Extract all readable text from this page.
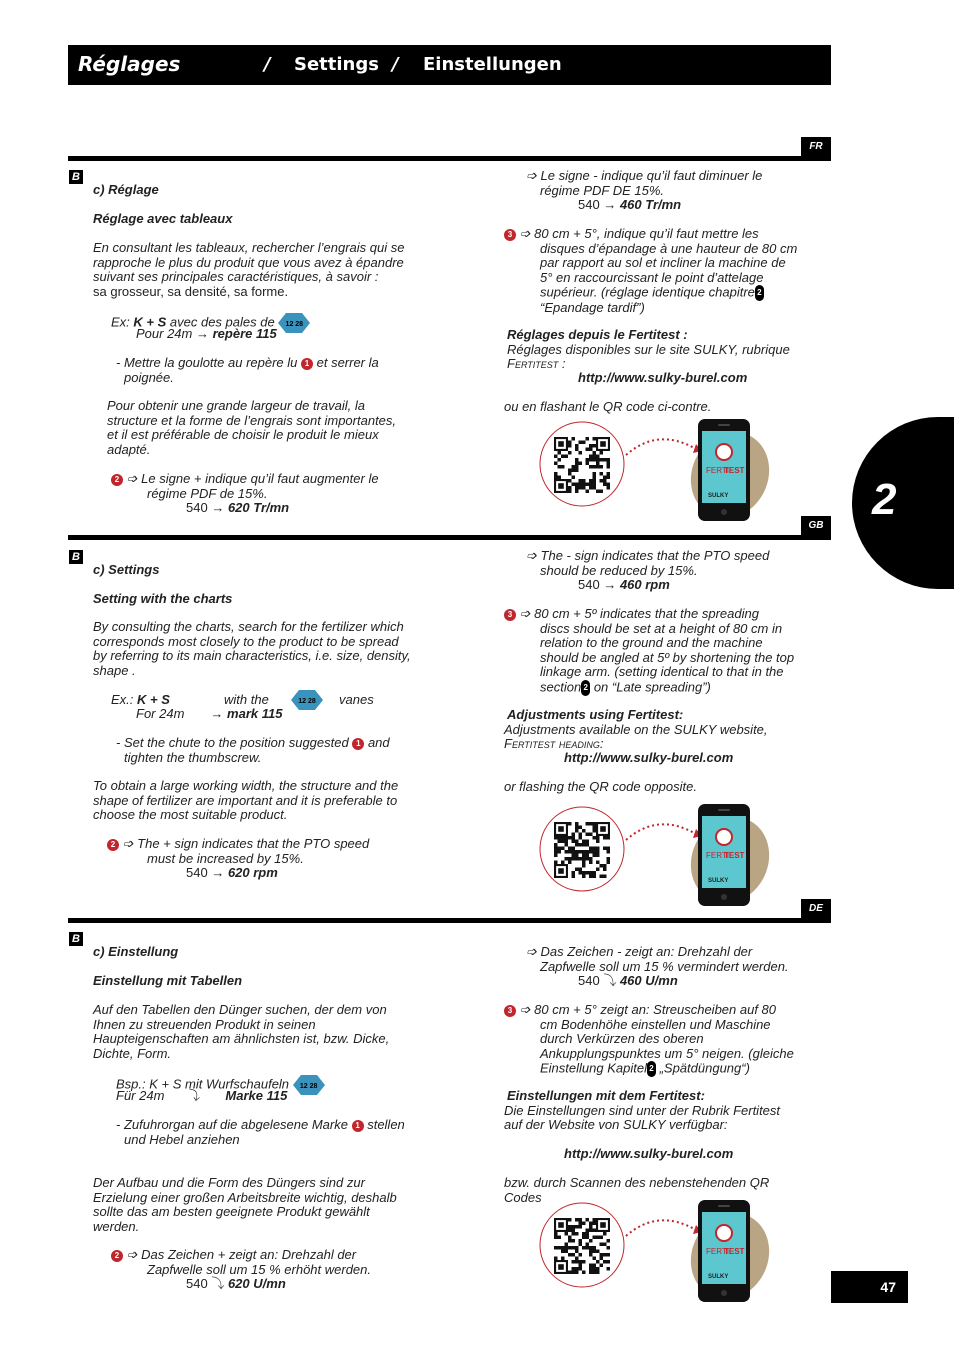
Réglages	/ Settings / Einstellungen
2
47
FR
B
c) Réglage
Réglage avec tableaux
En consultant les tableaux, rechercher l’engrais qui se
rapproche le plus du produit que vous avez à épandre
suivant ses principales caractéristiques, à savoir :
sa grosseur, sa densité, sa forme.
Ex: K + S avec des pales de	12 28
Pour 24m → repère 115
- Mettre la goulotte au repère lu 1 et serrer la
poignée.
Pour obtenir une grande largeur de travail, la
structure et la forme de l’engrais sont importantes,
et il est préférable de choisir le produit le mieux
adapté.
2 ➩ Le signe + indique qu’il faut augmenter le
régime PDF de 15%.
540 → 620 Tr/mn
➩ Le signe - indique qu’il faut diminuer le
régime PDF DE 15%.
540 → 460 Tr/mn
3 ➩ 80 cm + 5°, indique qu’il faut mettre les
disques d’épandage à une hauteur de 80 cm
par rapport au sol et incliner la machine de
5° en raccourcissant le point d’attelage
supérieur. (réglage identique chapitre 2
“Epandage tardif”)
Réglages depuis le Fertitest :
Réglages disponibles sur le site SULKY, rubrique
Fertitest :
http://www.sulky-burel.com
ou en flashant le QR code ci-contre.
GB
B
c) Settings
Setting with the charts
By consulting the charts, search for the fertilizer which
corresponds most closely to the product to be spread
by referring to its main characteristics, i.e. size, density,
shape .
Ex.: K + S	with the	12 28	vanes
For 24m → mark 115
- Set the chute to the position suggested 1 and
tighten the thumbscrew.
To obtain a large working width, the structure and the
shape of fertilizer are important and it is preferable to
choose the most suitable product.
2 ➩ The + sign indicates that the PTO speed
must be increased by 15%.
540 → 620 rpm
➩ The - sign indicates that the PTO speed
should be reduced by 15%.
540 → 460 rpm
3 ➩ 80 cm + 5º indicates that the spreading
discs should be set at a height of 80 cm in
relation to the ground and the machine
should be angled at 5º by shortening the top
linkage arm. (setting identical to that in the
section 2 on “Late spreading”)
Adjustments using Fertitest:
Adjustments available on the SULKY website,
Fertitest heading:
http://www.sulky-burel.com
or flashing the QR code opposite.
DE
B
c) Einstellung
Einstellung mit Tabellen
Auf den Tabellen den Dünger suchen, der dem von
Ihnen zu streuenden Produkt in seinen
Haupteigenschaften am ähnlichsten ist, bzw. Dicke,
Dichte, Form.
Bsp.: K + S mit Wurfschaufeln	12 28
Für 24m ⤵ Marke 115
- Zufuhrorgan auf die abgelesene Marke 1 stellen
und Hebel anziehen
Der Aufbau und die Form des Düngers sind zur
Erzielung einer großen Arbeitsbreite wichtig, deshalb
sollte das am besten geeignete Produkt gewählt
werden.
2 ➩ Das Zeichen + zeigt an: Drehzahl der
Zapfwelle soll um 15 % erhöht werden.
540 ⤵ 620 U/mn
➩ Das Zeichen - zeigt an: Drehzahl der
Zapfwelle soll um 15 % vermindert werden.
540 ⤵ 460 U/mn
3 ➩ 80 cm + 5° zeigt an: Streuscheiben auf 80
cm Bodenhöhe einstellen und Maschine
durch Verkürzen des oberen
Ankupplungspunktes um 5° neigen. (gleiche
Einstellung Kapitel 2 „Spätdüngung“)
Einstellungen mit dem Fertitest:
Die Einstellungen sind unter der Rubrik Fertitest
auf der Website von SULKY verfügbar:
http://www.sulky-burel.com
bzw. durch Scannen des nebenstehenden QR
Codes
FERTI
TEST
SULKY
FERTI
TEST
SULKY
FERTI
TEST
SULKY
